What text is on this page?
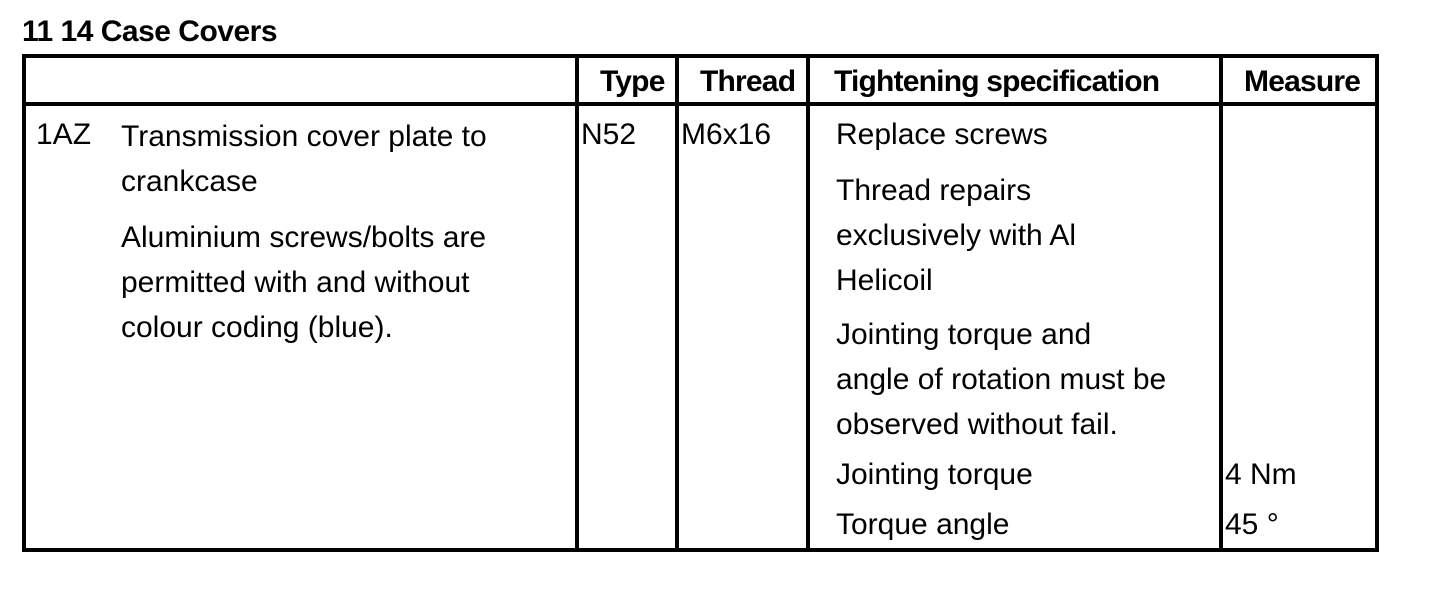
11 14 Case Covers
Type Thread Tightening specification	Measure
1AZ Transmission cover plate to
crankcase
Aluminium screws/bolts are
permitted with and without
colour coding (blue).
N52 M6x16 Replace screws
Thread repairs
exclusively with Al
Helicoil
Jointing torque and
angle of rotation must be
observed without fail.
Jointing torque
Torque angle
4 Nm
45 °
